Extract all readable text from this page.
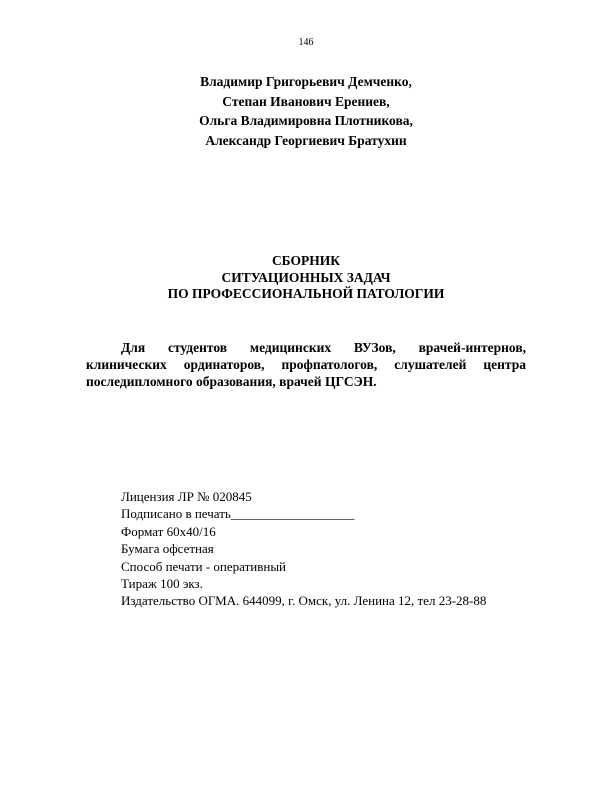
146
Владимир Григорьевич Демченко,
Степан Иванович Ерениев,
Ольга Владимировна Плотникова,
Александр Георгиевич Братухин
СБОРНИК
СИТУАЦИОННЫХ ЗАДАЧ
ПО ПРОФЕССИОНАЛЬНОЙ ПАТОЛОГИИ
Для студентов медицинских ВУЗов, врачей-интернов, клинических ординаторов, профпатологов, слушателей центра последипломного образования, врачей ЦГСЭН.
Лицензия ЛР № 020845
Подписано в печать___________________
Формат 60х40/16
Бумага офсетная
Способ печати - оперативный
Тираж 100 экз.
Издательство ОГМА. 644099, г. Омск, ул. Ленина 12, тел 23-28-88
